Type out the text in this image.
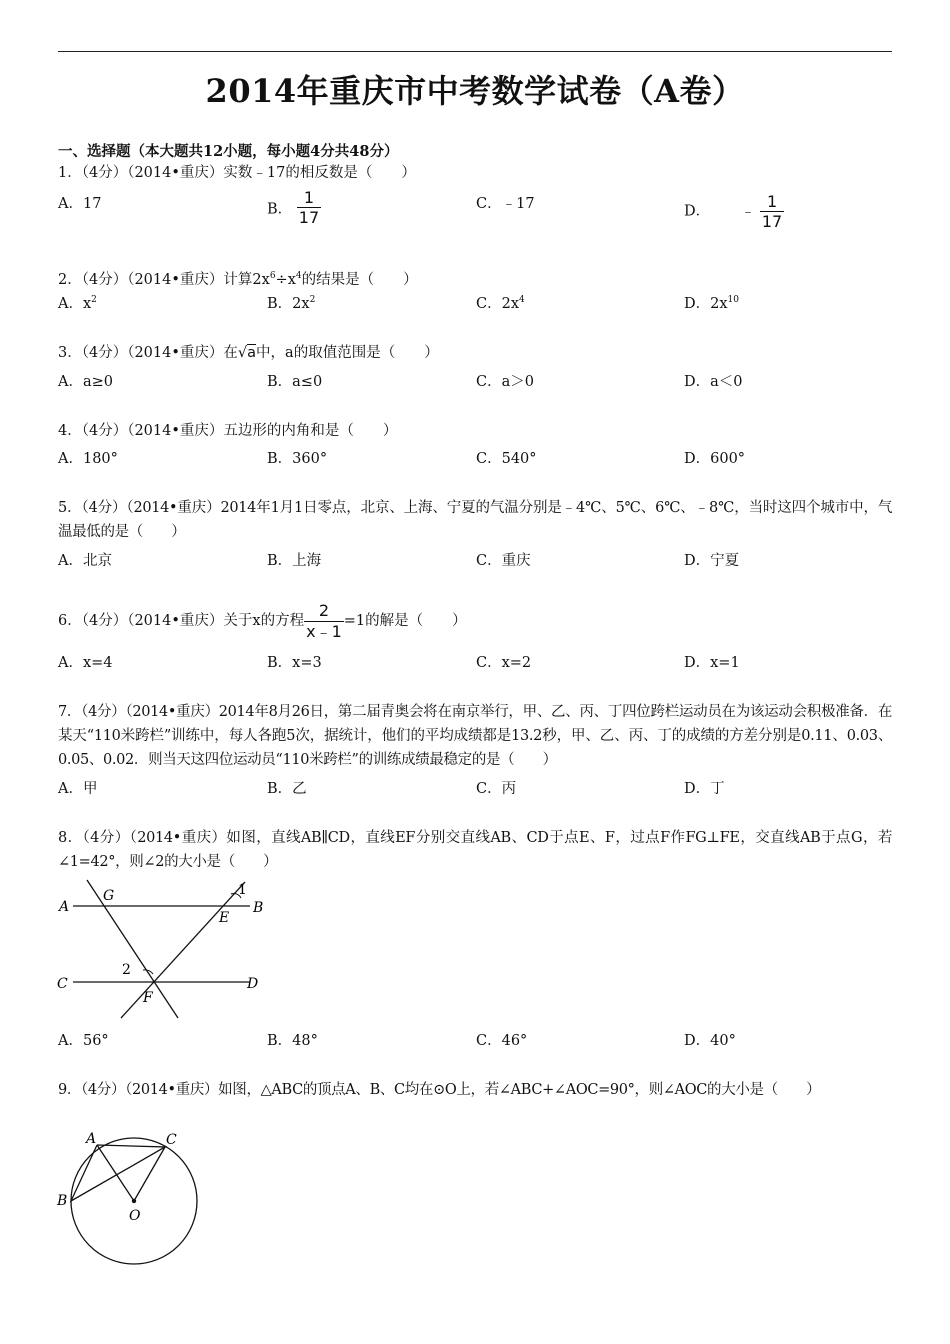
2014年重庆市中考数学试卷（A卷）
一、选择题（本大题共12小题，每小题4分共48分）
1．（4分）（2014•重庆）实数﹣17的相反数是（　　）
A．17	B． $\frac{1}{17}$	C．﹣17	D． ﹣ $\frac{1}{17}$
2．（4分）（2014•重庆）计算$2x^6\div x^4$的结果是（　　）
A．$x^2$	B．$2x^2$	C．$2x^4$	D．$2x^{10}$
3．（4分）（2014•重庆）在√a中，a的取值范围是（　　）
A．a≥0	B．a≤0	C．a＞0	D．a＜0
4．（4分）（2014•重庆）五边形的内角和是（　　）
A．180°	B．360°	C．540°	D．600°
5．（4分）（2014•重庆）2014年1月1日零点，北京、上海、宁夏的气温分别是﹣4℃、5℃、6℃、﹣8℃，当时这四个城市中，气温最低的是（　　）
A．北京	B．上海	C．重庆	D．宁夏
6．（4分）（2014•重庆）关于x的方程 $\frac{2}{x﹣1} =1$的解是（　　）
A．x=4	B．x=3	C．x=2	D．x=1
7．（4分）（2014•重庆）2014年8月26日，第二届青奥会将在南京举行，甲、乙、丙、丁四位跨栏运动员在为该运动会积极准备．在某天“110米跨栏”训练中，每人各跑5次，据统计，他们的平均成绩都是13.2秒，甲、乙、丙、丁的成绩的方差分别是0.11、0.03、0.05、0.02．则当天这四位运动员“110米跨栏”的训练成绩最稳定的是（　　）
A．甲	B．乙	C．丙	D．丁
8．（4分）（2014•重庆）如图，直线AB∥CD，直线EF分别交直线AB、CD于点E、F，过点F作FG⊥FE，交直线AB于点G，若∠1=42°，则∠2的大小是（　　）
A
G	1
B
E
C
2
F
D
A．56°	B．48°	C．46°	D．40°
9．（4分）（2014•重庆）如图，△ABC的顶点A、B、C均在⊙O上，若∠ABC+∠AOC=90°，则∠AOC的大小是（　　）
A	C
B
O
